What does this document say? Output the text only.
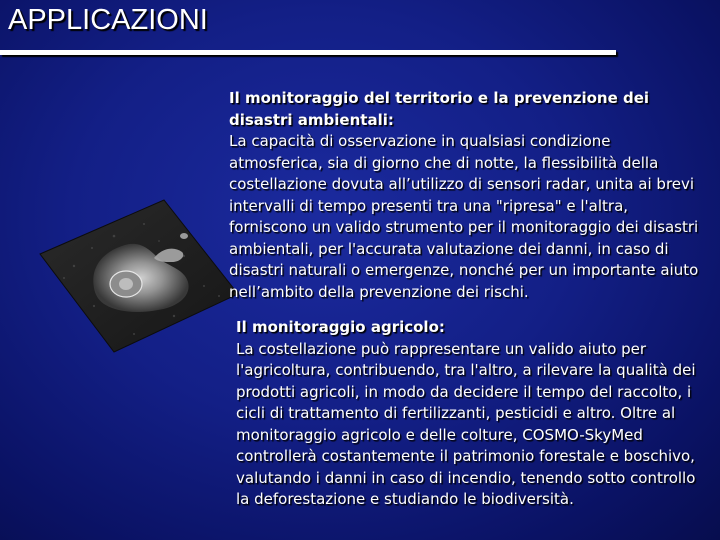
APPLICAZIONI
Il monitoraggio del territorio e la prevenzione dei disastri ambientali:
La capacità di osservazione in qualsiasi condizione atmosferica, sia di giorno che di notte, la flessibilità della costellazione dovuta all’utilizzo di sensori radar, unita ai brevi intervalli di tempo presenti tra una "ripresa" e l'altra, forniscono un valido strumento per il monitoraggio dei disastri ambientali, per l'accurata valutazione dei danni, in caso di disastri naturali o emergenze, nonché per un importante aiuto nell’ambito della prevenzione dei rischi.
Il monitoraggio agricolo:
La costellazione può rappresentare un valido aiuto per l'agricoltura, contribuendo, tra l'altro, a rilevare la qualità dei prodotti agricoli, in modo da decidere il tempo del raccolto, i cicli di trattamento di fertilizzanti, pesticidi e altro. Oltre al monitoraggio agricolo e delle colture, COSMO-SkyMed controllerà costantemente il patrimonio forestale e boschivo, valutando i danni in caso di incendio, tenendo sotto controllo la deforestazione e studiando le biodiversità.
